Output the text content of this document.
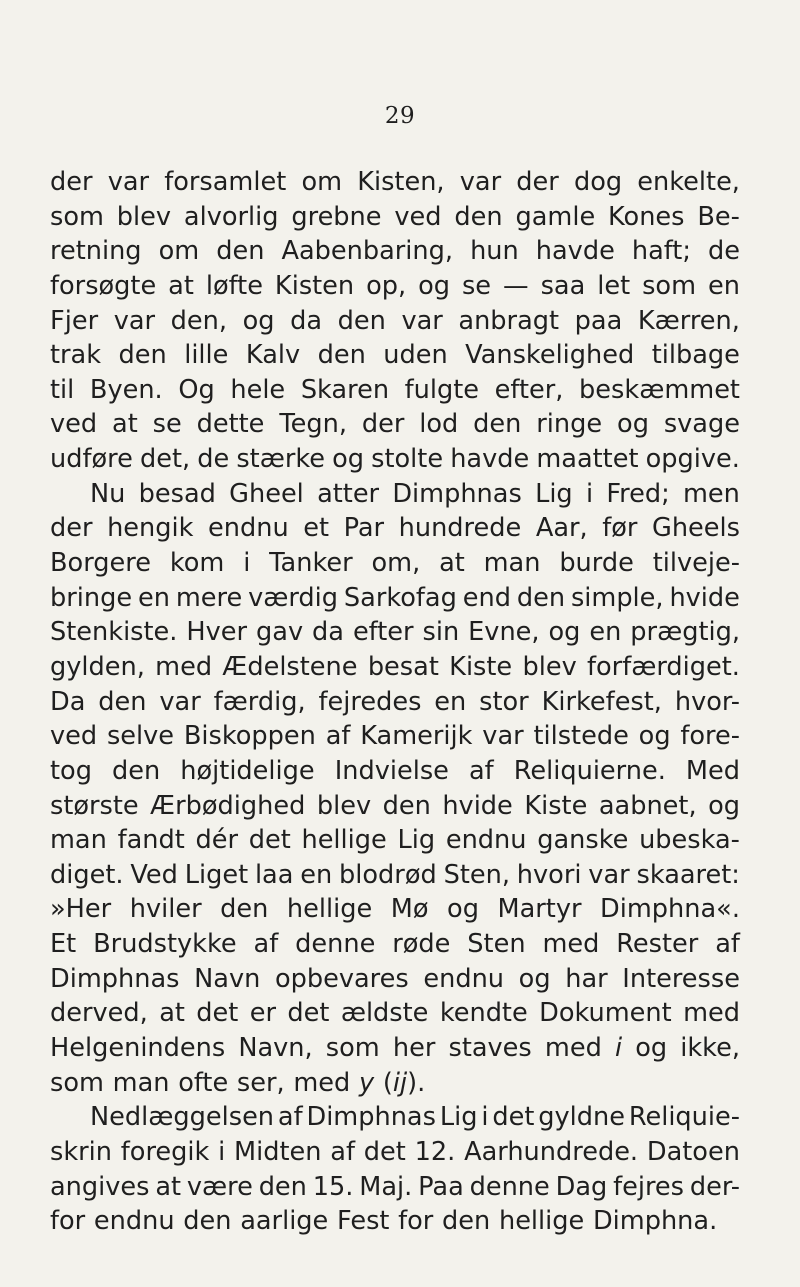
29
der var forsamlet om Kisten, var der dog enkelte,
som blev alvorlig grebne ved den gamle Kones Be-
retning om den Aabenbaring, hun havde haft; de
forsøgte at løfte Kisten op, og se — saa let som en
Fjer var den, og da den var anbragt paa Kærren,
trak den lille Kalv den uden Vanskelighed tilbage
til Byen. Og hele Skaren fulgte efter, beskæmmet
ved at se dette Tegn, der lod den ringe og svage
udføre det, de stærke og stolte havde maattet opgive.
Nu besad Gheel atter Dimphnas Lig i Fred; men
der hengik endnu et Par hundrede Aar, før Gheels
Borgere kom i Tanker om, at man burde tilveje-
bringe en mere værdig Sarkofag end den simple, hvide
Stenkiste. Hver gav da efter sin Evne, og en prægtig,
gylden, med Ædelstene besat Kiste blev forfærdiget.
Da den var færdig, fejredes en stor Kirkefest, hvor-
ved selve Biskoppen af Kamerijk var tilstede og fore-
tog den højtidelige Indvielse af Reliquierne. Med
største Ærbødighed blev den hvide Kiste aabnet, og
man fandt dér det hellige Lig endnu ganske ubeska-
diget. Ved Liget laa en blodrød Sten, hvori var skaaret:
»Her hviler den hellige Mø og Martyr Dimphna«.
Et Brudstykke af denne røde Sten med Rester af
Dimphnas Navn opbevares endnu og har Interesse
derved, at det er det ældste kendte Dokument med
Helgenindens Navn, som her staves med i og ikke,
som man ofte ser, med y (ij).
Nedlæggelsen af Dimphnas Lig i det gyldne Reliquie-
skrin foregik i Midten af det 12. Aarhundrede. Datoen
angives at være den 15. Maj. Paa denne Dag fejres der-
for endnu den aarlige Fest for den hellige Dimphna.
